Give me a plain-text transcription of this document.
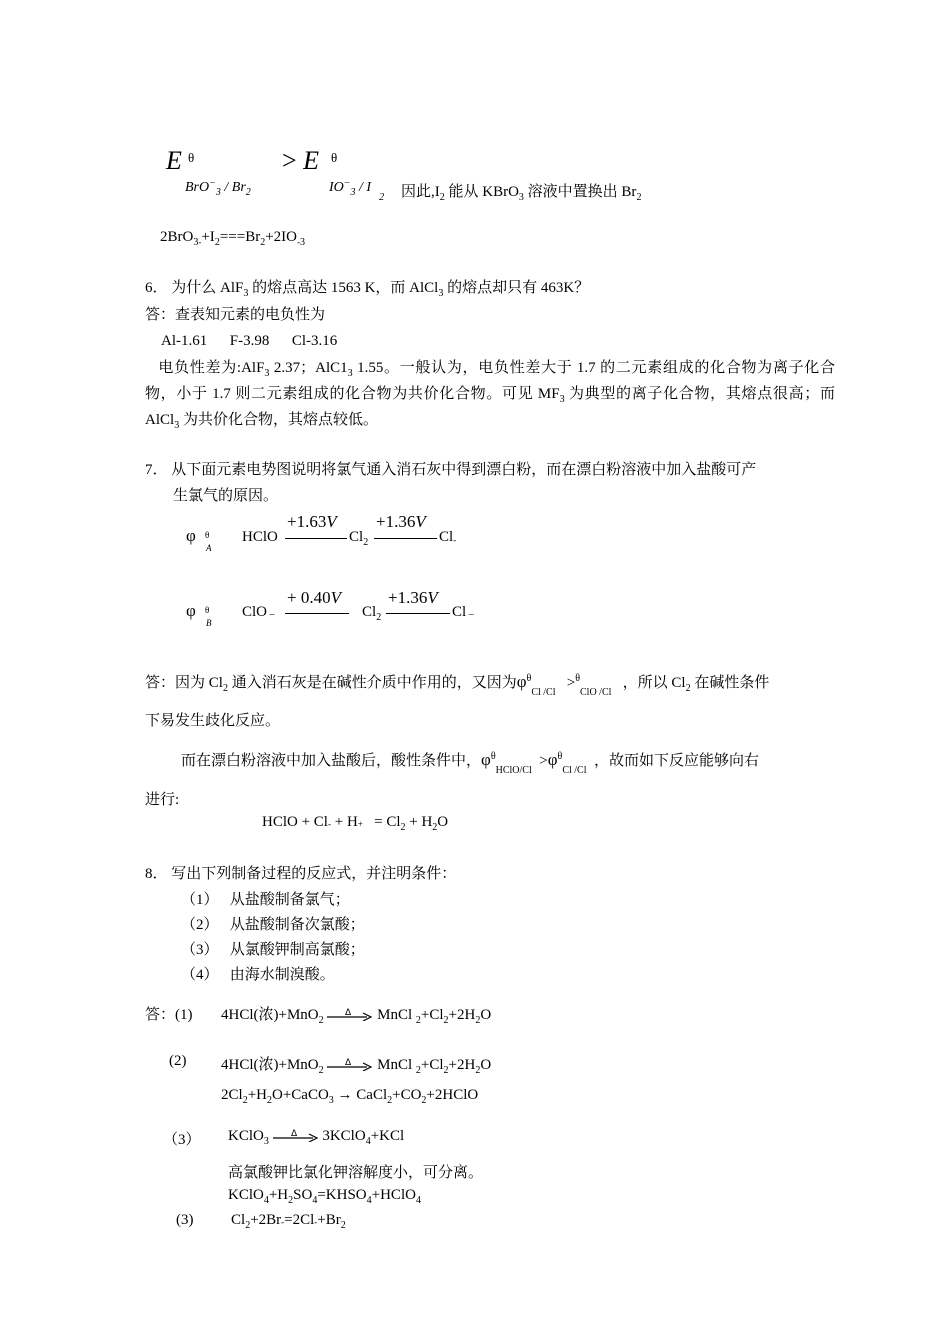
E θ
$BrO^-_3 / Br_2$
> E θ
$IO^-_3 / I_2$ 因此$,I_2$ 能从 KBrO$_3$ 溶液中置换出 $Br_2$
$2BrO_3^-+I_2===Br_2+2IO^-_3$
6． 为什么 AlF$_3$ 的熔点高达 1563 K，而 AlCl$_3$ 的熔点却只有 463K？
答：查表知元素的电负性为
Al-1.61      F-3.98      Cl-3.16
电负性差为:AlF$_3$ 2.37；$AlC1_3$ 1.55。一般认为，电负性差大于 1.7 的二元素组成的化合物为离子化合物，小于 1.7 则二元素组成的化合物为共价化合物。可见 $MF_3$ 为典型的离子化合物，其熔点很高；而 AlCl$_3$ 为共价化合物，其熔点较低。
7． 从下面元素电势图说明将氯气通入消石灰中得到漂白粉，而在漂白粉溶液中加入盐酸可产
生氯气的原因。
φ θ
A
HClO
+1.63V
$Cl_2$
+1.36V
Cl-
φ θ
B
ClO –
+ 0.40V
$Cl_2$
+1.36V
Cl –
答：因为 $Cl_2$ 通入消石灰是在碱性介质中作用的，又因为$\varphi^\theta_{Cl /Cl} >^\theta_{ClO /Cl}$   ，所以 $Cl_2$ 在碱性条件
下易发生歧化反应。
而在漂白粉溶液中加入盐酸后，酸性条件中，$\varphi^\theta_{HClO/Cl} >\varphi^\theta_{Cl /Cl}$  ，故而如下反应能够向右
进行:
HClO + $Cl^- + H^+ = Cl_2 + H_2O$
8． 写出下列制备过程的反应式，并注明条件：
（1）   从盐酸制备氯气；
（2）   从盐酸制备次氯酸；
（3）   从氯酸钾制高氯酸；
（4）   由海水制溴酸。
答：(1) 4HCl(浓)+MnO$_2$
Δ MnCl $_2+Cl_2+2H_2O$
(2) 4HCl(浓)+MnO$_2$
Δ MnCl $_2+Cl_2+2H_2O$
$2Cl_2+H_2O+CaCO_3$ → $CaCl_2+CO_2+2HClO$
（3） KClO$_3$
Δ 3KClO$_4$+KCl
高氯酸钾比氯化钾溶解度小，可分离。
$KClO_4+H_2SO_4=KHSO_4+HClO_4$
(3)	$Cl_2+2Br^-=2Cl^-+Br_2$
